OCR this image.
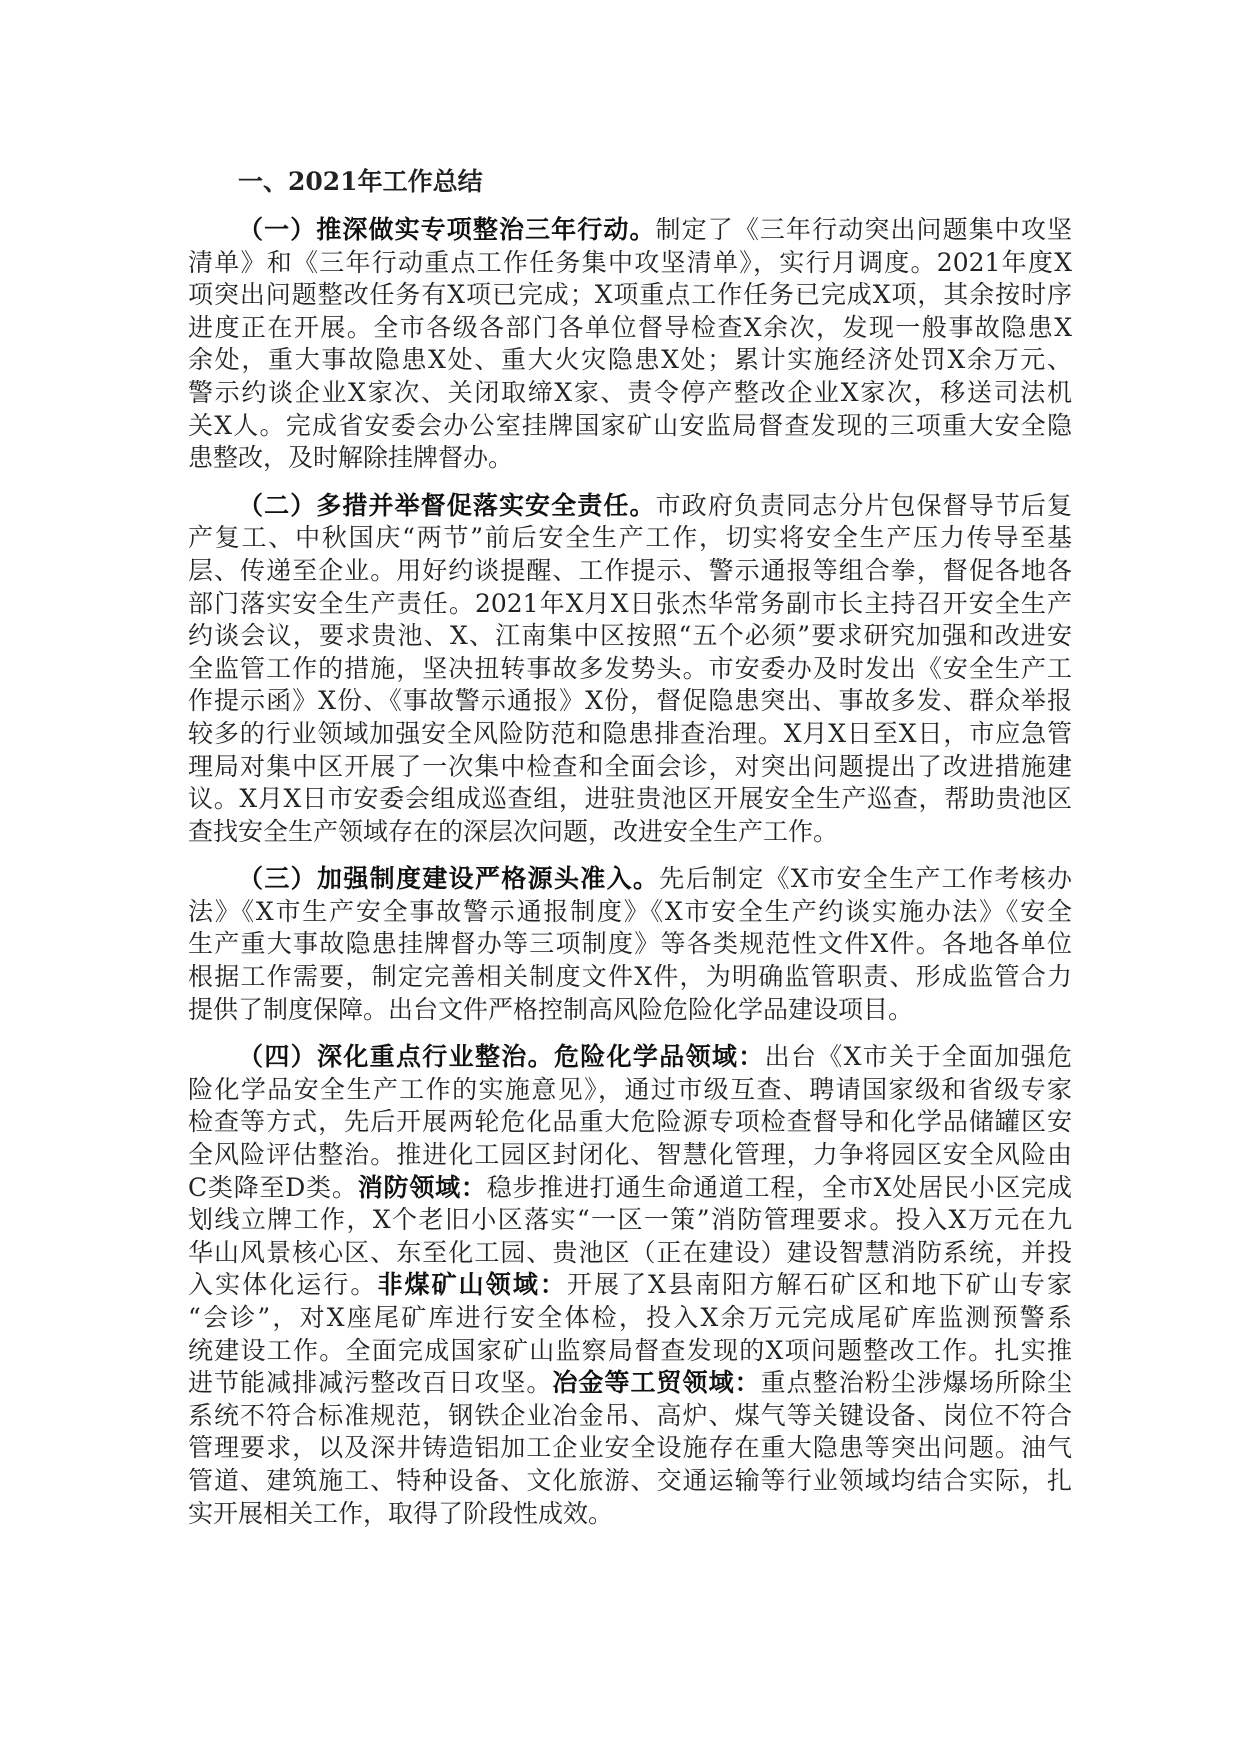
一、2021年工作总结
（一）推深做实专项整治三年行动。制定了《三年行动突出问题集中攻坚
清单》和《三年行动重点工作任务集中攻坚清单》，实行月调度。2021年度X
项突出问题整改任务有X项已完成；X项重点工作任务已完成X项，其余按时序
进度正在开展。全市各级各部门各单位督导检查X余次，发现一般事故隐患X
余处，重大事故隐患X处、重大火灾隐患X处；累计实施经济处罚X余万元、
警示约谈企业X家次、关闭取缔X家、责令停产整改企业X家次，移送司法机
关X人。完成省安委会办公室挂牌国家矿山安监局督查发现的三项重大安全隐
患整改，及时解除挂牌督办。
（二）多措并举督促落实安全责任。市政府负责同志分片包保督导节后复
产复工、中秋国庆“两节”前后安全生产工作，切实将安全生产压力传导至基
层、传递至企业。用好约谈提醒、工作提示、警示通报等组合拳，督促各地各
部门落实安全生产责任。2021年X月X日张杰华常务副市长主持召开安全生产
约谈会议，要求贵池、X、江南集中区按照“五个必须”要求研究加强和改进安
全监管工作的措施，坚决扭转事故多发势头。市安委办及时发出《安全生产工
作提示函》X份、《事故警示通报》X份，督促隐患突出、事故多发、群众举报
较多的行业领域加强安全风险防范和隐患排查治理。X月X日至X日，市应急管
理局对集中区开展了一次集中检查和全面会诊，对突出问题提出了改进措施建
议。X月X日市安委会组成巡查组，进驻贵池区开展安全生产巡查，帮助贵池区
查找安全生产领域存在的深层次问题，改进安全生产工作。
（三）加强制度建设严格源头准入。先后制定《X市安全生产工作考核办
法》《X市生产安全事故警示通报制度》《X市安全生产约谈实施办法》《安全
生产重大事故隐患挂牌督办等三项制度》等各类规范性文件X件。各地各单位
根据工作需要，制定完善相关制度文件X件，为明确监管职责、形成监管合力
提供了制度保障。出台文件严格控制高风险危险化学品建设项目。
（四）深化重点行业整治。危险化学品领域：出台《X市关于全面加强危
险化学品安全生产工作的实施意见》，通过市级互查、聘请国家级和省级专家
检查等方式，先后开展两轮危化品重大危险源专项检查督导和化学品储罐区安
全风险评估整治。推进化工园区封闭化、智慧化管理，力争将园区安全风险由
C类降至D类。消防领域：稳步推进打通生命通道工程，全市X处居民小区完成
划线立牌工作，X个老旧小区落实“一区一策”消防管理要求。投入X万元在九
华山风景核心区、东至化工园、贵池区（正在建设）建设智慧消防系统，并投
入实体化运行。非煤矿山领域：开展了X县南阳方解石矿区和地下矿山专家
“会诊”，对X座尾矿库进行安全体检，投入X余万元完成尾矿库监测预警系
统建设工作。全面完成国家矿山监察局督查发现的X项问题整改工作。扎实推
进节能减排减污整改百日攻坚。冶金等工贸领域：重点整治粉尘涉爆场所除尘
系统不符合标准规范，钢铁企业冶金吊、高炉、煤气等关键设备、岗位不符合
管理要求，以及深井铸造铝加工企业安全设施存在重大隐患等突出问题。油气
管道、建筑施工、特种设备、文化旅游、交通运输等行业领域均结合实际，扎
实开展相关工作，取得了阶段性成效。
